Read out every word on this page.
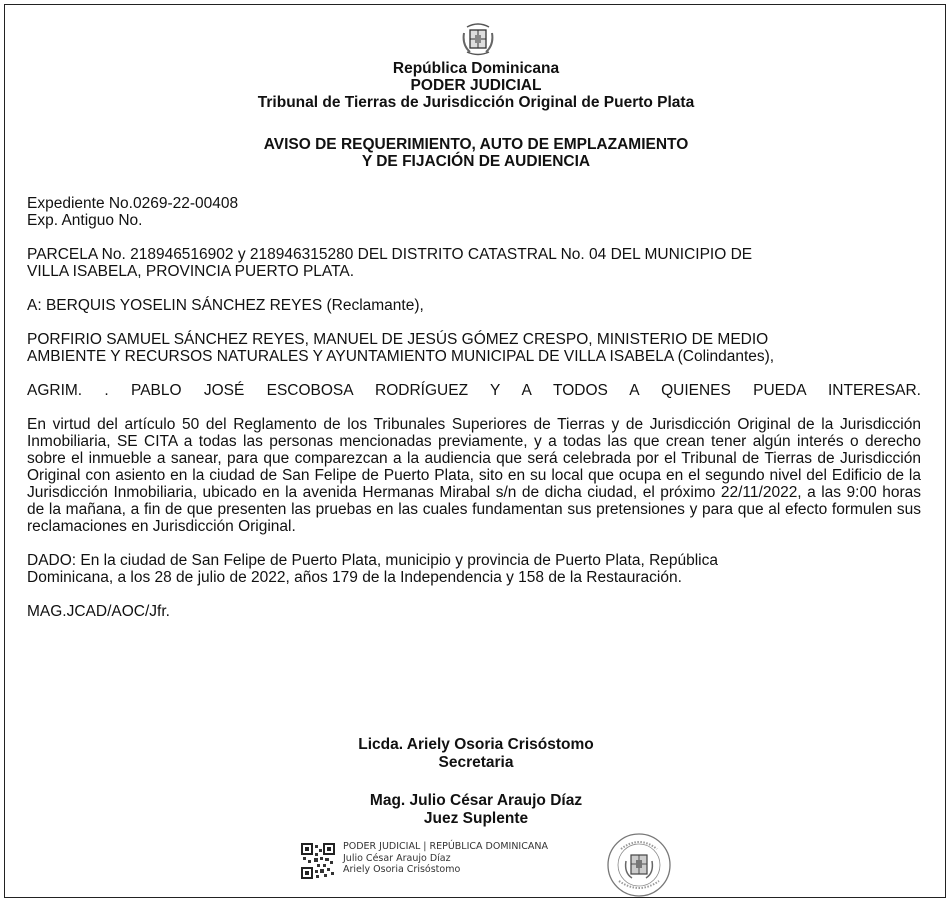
República Dominicana
PODER JUDICIAL
Tribunal de Tierras de Jurisdicción Original de Puerto Plata
AVISO DE REQUERIMIENTO, AUTO DE EMPLAZAMIENTO
Y DE FIJACIÓN DE AUDIENCIA

Expediente No.0269-22-00408

Exp. Antiguo No.

PARCELA No. 218946516902 y 218946315280 DEL DISTRITO CATASTRAL No. 04 DEL MUNICIPIO DE
VILLA ISABELA, PROVINCIA PUERTO PLATA.

A: BERQUIS YOSELIN SÁNCHEZ REYES (Reclamante),

PORFIRIO SAMUEL SÁNCHEZ REYES, MANUEL DE JESÚS GÓMEZ CRESPO, MINISTERIO DE MEDIO
AMBIENTE Y RECURSOS NATURALES Y AYUNTAMIENTO MUNICIPAL DE VILLA ISABELA (Colindantes),

AGRIM. . PABLO JOSÉ ESCOBOSA RODRÍGUEZ Y A TODOS A QUIENES PUEDA INTERESAR.

En virtud del artículo 50 del Reglamento de los Tribunales Superiores de Tierras y de Jurisdicción Original de la Jurisdicción Inmobiliaria, SE CITA a todas las personas mencionadas previamente, y a todas las que crean tener algún interés o derecho sobre el inmueble a sanear, para que comparezcan a la audiencia que será celebrada por el Tribunal de Tierras de Jurisdicción Original con asiento en la ciudad de San Felipe de Puerto Plata, sito en su local que ocupa en el segundo nivel del Edificio de la Jurisdicción Inmobiliaria, ubicado en la avenida Hermanas Mirabal s/n de dicha ciudad, el próximo 22/11/2022, a las 9:00 horas de la mañana, a fin de que presenten las pruebas en las cuales fundamentan sus pretensiones y para que al efecto formulen sus reclamaciones en Jurisdicción Original.

DADO: En la ciudad de San Felipe de Puerto Plata, municipio y provincia de Puerto Plata, República
Dominicana, a los 28 de julio de 2022, años 179 de la Independencia y 158 de la Restauración.

MAG.JCAD/AOC/Jfr.

Licda. Ariely Osoria Crisóstomo
Secretaria
Mag. Julio César Araujo Díaz
Juez Suplente
PODER JUDICIAL | REPÚBLICA DOMINICANA
Julio César Araujo Díaz
Ariely Osoria Crisóstomo
